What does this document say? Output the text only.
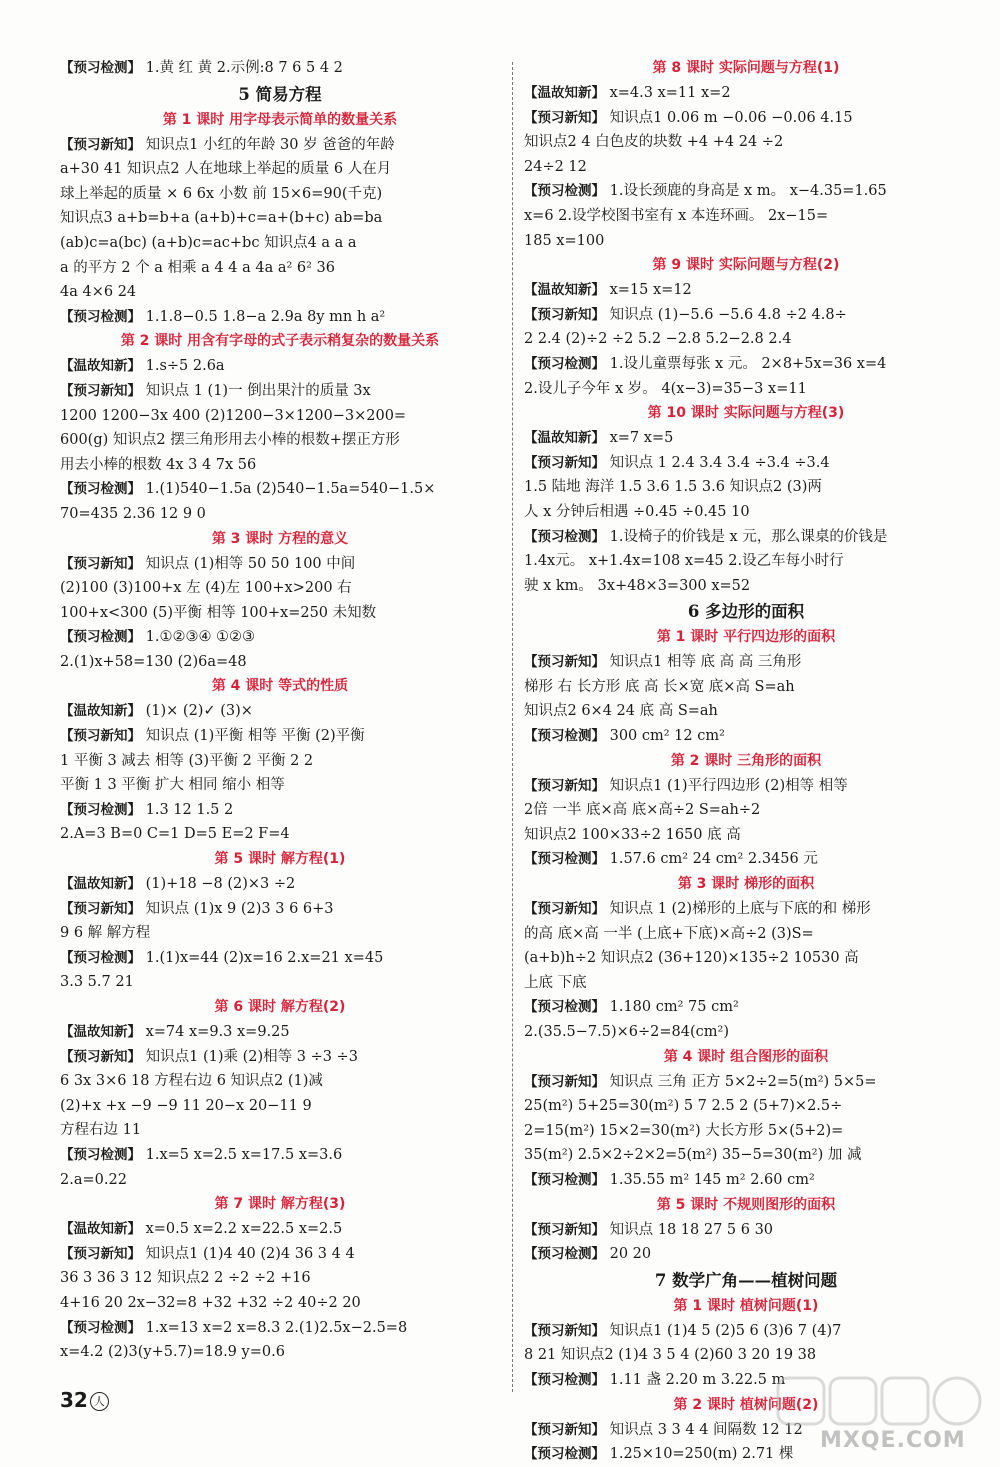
【预习检测】 1.黄 红 黄 2.示例:8 7 6 5 4 2
5 简易方程
第 1 课时 用字母表示简单的数量关系
【预习新知】 知识点1 小红的年龄 30 岁 爸爸的年龄
a+30 41 知识点2 人在地球上举起的质量 6 人在月
球上举起的质量 × 6 6x 小数 前 15×6=90(千克)
知识点3 a+b=b+a (a+b)+c=a+(b+c) ab=ba
(ab)c=a(bc) (a+b)c=ac+bc 知识点4 a a a
a 的平方 2 个 a 相乘 a 4 4 a 4a a² 6² 36
4a 4×6 24
【预习检测】 1.1.8−0.5 1.8−a 2.9a 8y mn h a²
第 2 课时 用含有字母的式子表示稍复杂的数量关系
【温故知新】 1.s÷5 2.6a
【预习新知】 知识点 1 (1)一 倒出果汁的质量 3x
1200 1200−3x 400 (2)1200−3×1200−3×200=
600(g) 知识点2 摆三角形用去小棒的根数+摆正方形
用去小棒的根数 4x 3 4 7x 56
【预习检测】 1.(1)540−1.5a (2)540−1.5a=540−1.5×
70=435 2.36 12 9 0
第 3 课时 方程的意义
【预习新知】 知识点 (1)相等 50 50 100 中间
(2)100 (3)100+x 左 (4)左 100+x>200 右
100+x<300 (5)平衡 相等 100+x=250 未知数
【预习检测】 1.①②③④ ①②③
2.(1)x+58=130 (2)6a=48
第 4 课时 等式的性质
【温故知新】 (1)× (2)✓ (3)×
【预习新知】 知识点 (1)平衡 相等 平衡 (2)平衡
1 平衡 3 减去 相等 (3)平衡 2 平衡 2 2
平衡 1 3 平衡 扩大 相同 缩小 相等
【预习检测】 1.3 12 1.5 2
2.A=3 B=0 C=1 D=5 E=2 F=4
第 5 课时 解方程(1)
【温故知新】 (1)+18 −8 (2)×3 ÷2
【预习新知】 知识点 (1)x 9 (2)3 3 6 6+3
9 6 解 解方程
【预习检测】 1.(1)x=44 (2)x=16 2.x=21 x=45
3.3 5.7 21
第 6 课时 解方程(2)
【温故知新】 x=74 x=9.3 x=9.25
【预习新知】 知识点1 (1)乘 (2)相等 3 ÷3 ÷3
6 3x 3×6 18 方程右边 6 知识点2 (1)减
(2)+x +x −9 −9 11 20−x 20−11 9
方程右边 11
【预习检测】 1.x=5 x=2.5 x=17.5 x=3.6
2.a=0.22
第 7 课时 解方程(3)
【温故知新】 x=0.5 x=2.2 x=22.5 x=2.5
【预习新知】 知识点1 (1)4 40 (2)4 36 3 4 4
36 3 36 3 12 知识点2 2 ÷2 ÷2 +16
4+16 20 2x−32=8 +32 +32 ÷2 40÷2 20
【预习检测】 1.x=13 x=2 x=8.3 2.(1)2.5x−2.5=8
x=4.2 (2)3(y+5.7)=18.9 y=0.6
第 8 课时 实际问题与方程(1)
【温故知新】 x=4.3 x=11 x=2
【预习新知】 知识点1 0.06 m −0.06 −0.06 4.15
知识点2 4 白色皮的块数 +4 +4 24 ÷2
24÷2 12
【预习检测】 1.设长颈鹿的身高是 x m。 x−4.35=1.65
x=6 2.设学校图书室有 x 本连环画。 2x−15=
185 x=100
第 9 课时 实际问题与方程(2)
【温故知新】 x=15 x=12
【预习新知】 知识点 (1)−5.6 −5.6 4.8 ÷2 4.8÷
2 2.4 (2)÷2 ÷2 5.2 −2.8 5.2−2.8 2.4
【预习检测】 1.设儿童票每张 x 元。 2×8+5x=36 x=4
2.设儿子今年 x 岁。 4(x−3)=35−3 x=11
第 10 课时 实际问题与方程(3)
【温故知新】 x=7 x=5
【预习新知】 知识点 1 2.4 3.4 3.4 ÷3.4 ÷3.4
1.5 陆地 海洋 1.5 3.6 1.5 3.6 知识点2 (3)两
人 x 分钟后相遇 ÷0.45 ÷0.45 10
【预习检测】 1.设椅子的价钱是 x 元，那么课桌的价钱是
1.4x元。 x+1.4x=108 x=45 2.设乙车每小时行
驶 x km。 3x+48×3=300 x=52
6 多边形的面积
第 1 课时 平行四边形的面积
【预习新知】 知识点1 相等 底 高 高 三角形
梯形 右 长方形 底 高 长×宽 底×高 S=ah
知识点2 6×4 24 底 高 S=ah
【预习检测】 300 cm² 12 cm²
第 2 课时 三角形的面积
【预习新知】 知识点1 (1)平行四边形 (2)相等 相等
2倍 一半 底×高 底×高÷2 S=ah÷2
知识点2 100×33÷2 1650 底 高
【预习检测】 1.57.6 cm² 24 cm² 2.3456 元
第 3 课时 梯形的面积
【预习新知】 知识点 1 (2)梯形的上底与下底的和 梯形
的高 底×高 一半 (上底+下底)×高÷2 (3)S=
(a+b)h÷2 知识点2 (36+120)×135÷2 10530 高
上底 下底
【预习检测】 1.180 cm² 75 cm²
2.(35.5−7.5)×6÷2=84(cm²)
第 4 课时 组合图形的面积
【预习新知】 知识点 三角 正方 5×2÷2=5(m²) 5×5=
25(m²) 5+25=30(m²) 5 7 2.5 2 (5+7)×2.5÷
2=15(m²) 15×2=30(m²) 大长方形 5×(5+2)=
35(m²) 2.5×2÷2×2=5(m²) 35−5=30(m²) 加 减
【预习检测】 1.35.55 m² 145 m² 2.60 cm²
第 5 课时 不规则图形的面积
【预习新知】 知识点 18 18 27 5 6 30
【预习检测】 20 20
7 数学广角——植树问题
第 1 课时 植树问题(1)
【预习新知】 知识点1 (1)4 5 (2)5 6 (3)6 7 (4)7
8 21 知识点2 (1)4 3 5 4 (2)60 3 20 19 38
【预习检测】 1.11 盏 2.20 m 3.22.5 m
第 2 课时 植树问题(2)
【预习新知】 知识点 3 3 4 4 间隔数 12 12
【预习检测】 1.25×10=250(m) 2.71 棵
32 人
MXQE.COM
